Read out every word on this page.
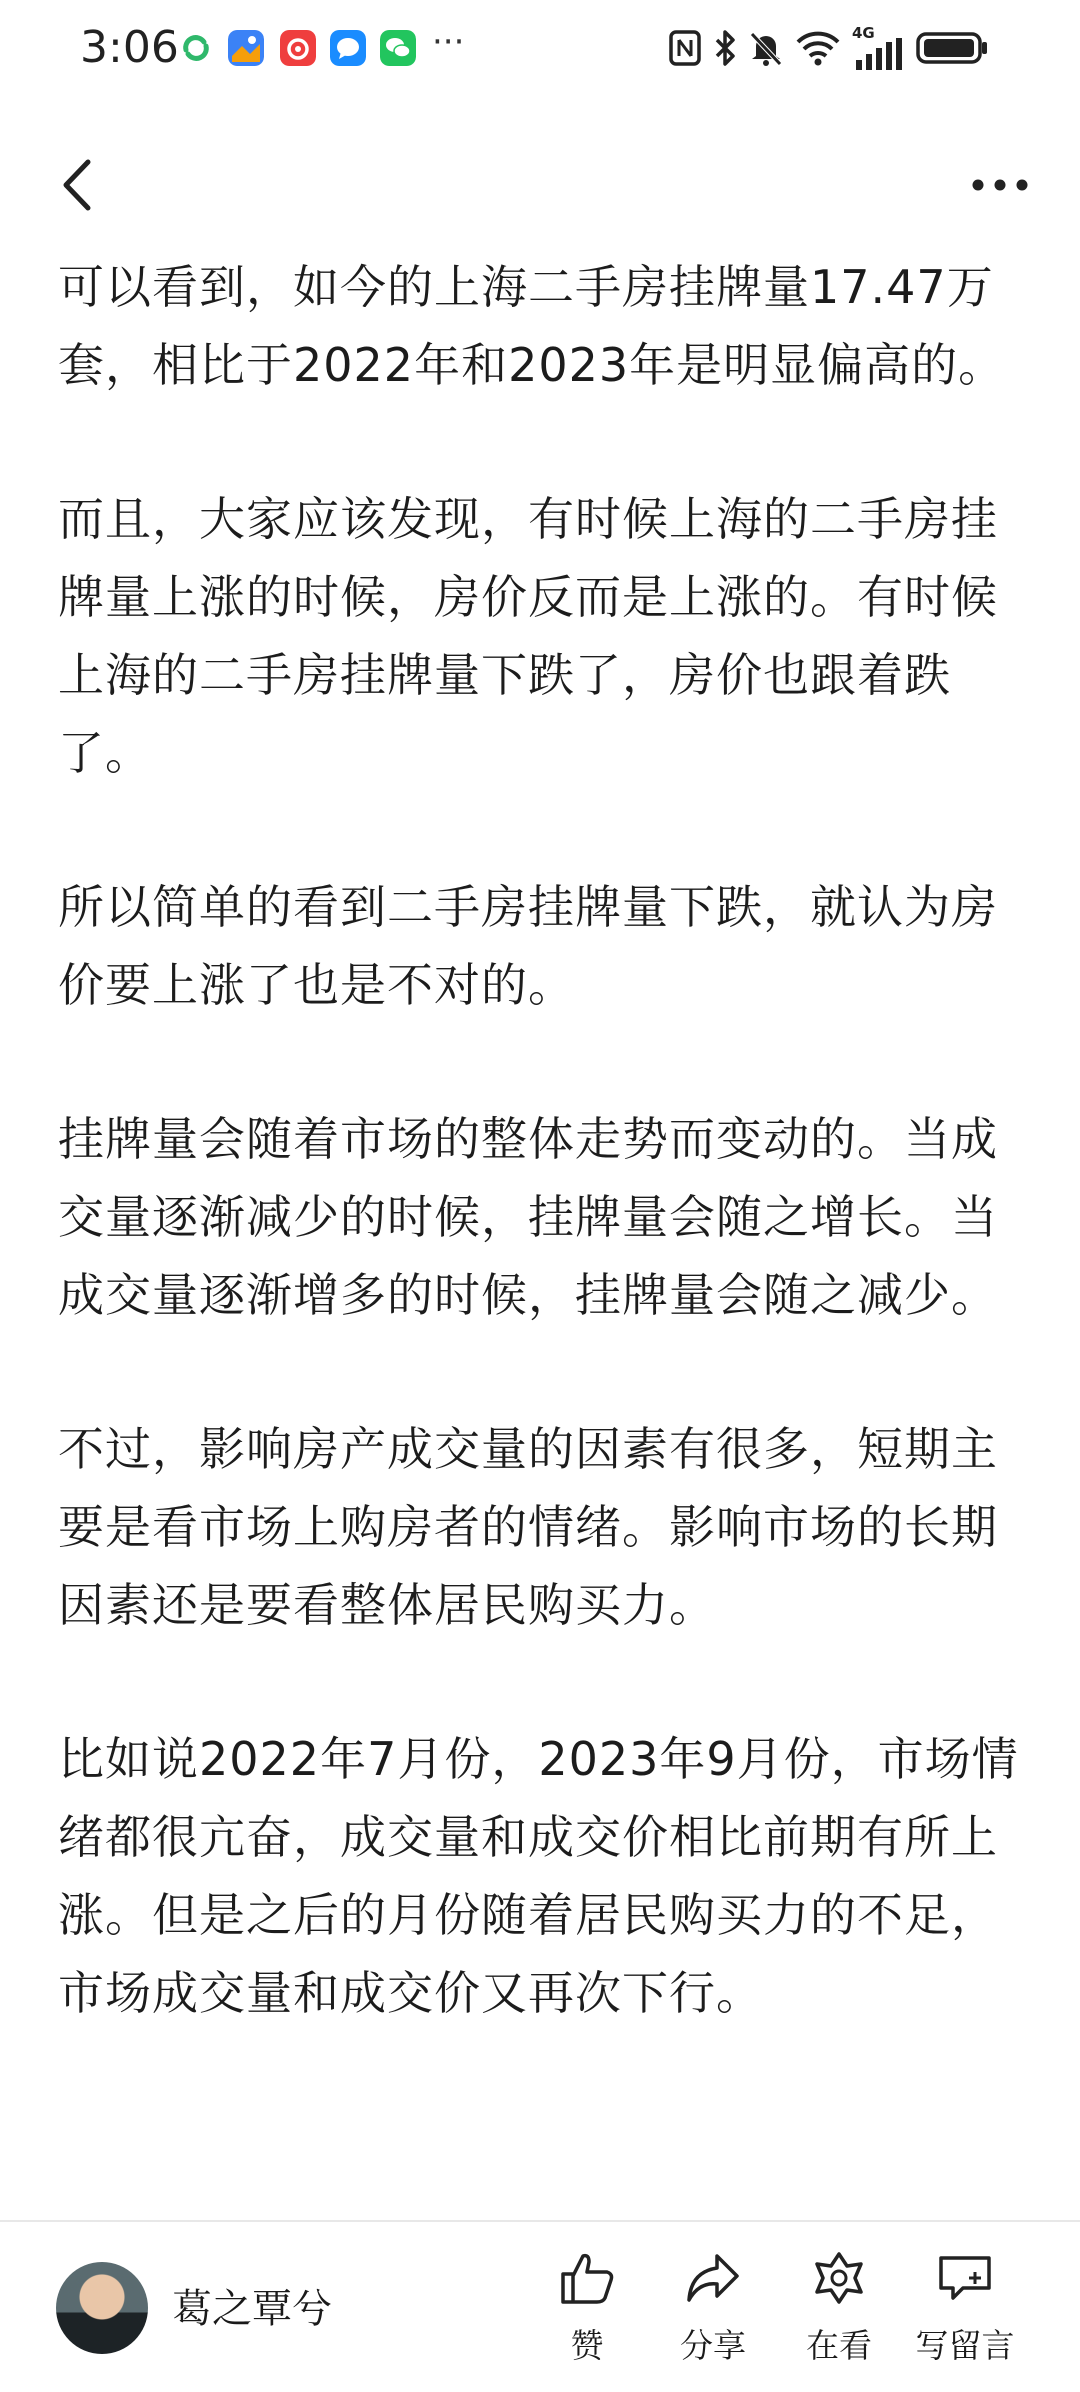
3:06	···	4G

可以看到，如今的上海二手房挂牌量17.47万套，相比于2022年和2023年是明显偏高的。

而且，大家应该发现，有时候上海的二手房挂牌量上涨的时候，房价反而是上涨的。有时候上海的二手房挂牌量下跌了，房价也跟着跌了。

所以简单的看到二手房挂牌量下跌，就认为房价要上涨了也是不对的。

挂牌量会随着市场的整体走势而变动的。当成交量逐渐减少的时候，挂牌量会随之增长。当成交量逐渐增多的时候，挂牌量会随之减少。

不过，影响房产成交量的因素有很多，短期主要是看市场上购房者的情绪。影响市场的长期因素还是要看整体居民购买力。

比如说2022年7月份，2023年9月份，市场情绪都很亢奋，成交量和成交价相比前期有所上涨。但是之后的月份随着居民购买力的不足，市场成交量和成交价又再次下行。

葛之覃兮
赞	分享	在看	写留言
